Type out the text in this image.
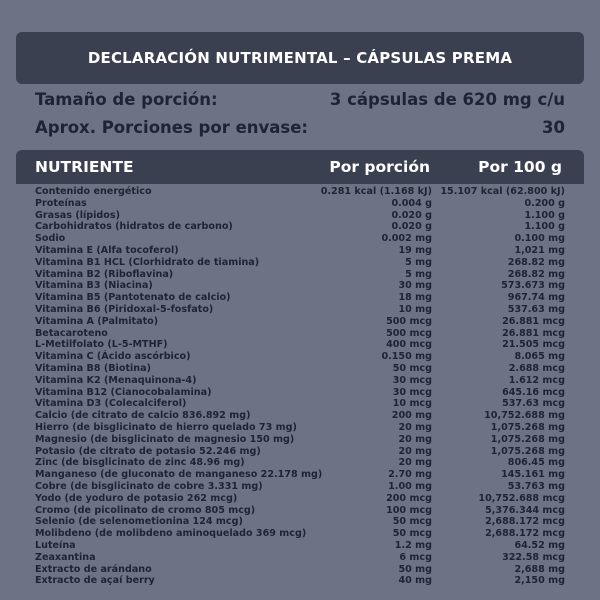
DECLARACIÓN NUTRIMENTAL – CÁPSULAS PREMA
Tamaño de porción:	3 cápsulas de 620 mg c/u
Aprox. Porciones por envase:	30
NUTRIENTE	Por porción	Por 100 g
Contenido energético	0.281 kcal (1.168 kJ) 15.107 kcal (62.800 kJ)
Proteínas	0.004 g	0.200 g
Grasas (lípidos)	0.020 g	1.100 g
Carbohidratos (hidratos de carbono)	0.020 g	1.100 g
Sodio	0.002 mg	0.100 mg
Vitamina E (Alfa tocoferol)	19 mg	1,021 mg
Vitamina B1 HCL (Clorhidrato de tiamina)	5 mg	268.82 mg
Vitamina B2 (Riboflavina)	5 mg	268.82 mg
Vitamina B3 (Niacina)	30 mg	573.673 mg
Vitamina B5 (Pantotenato de calcio)	18 mg	967.74 mg
Vitamina B6 (Piridoxal-5-fosfato)	10 mg	537.63 mg
Vitamina A (Palmitato)	500 mcg	26.881 mcg
Betacaroteno	500 mcg	26.881 mcg
L-Metilfolato (L-5-MTHF)	400 mcg	21.505 mcg
Vitamina C (Ácido ascórbico)	0.150 mg	8.065 mg
Vitamina B8 (Biotina)	50 mcg	2.688 mcg
Vitamina K2 (Menaquinona-4)	30 mcg	1.612 mcg
Vitamina B12 (Cianocobalamina)	30 mcg	645.16 mcg
Vitamina D3 (Colecalciferol)	10 mcg	537.63 mcg
Calcio (de citrato de calcio 836.892 mg)	200 mg	10,752.688 mg
Hierro (de bisglicinato de hierro quelado 73 mg)	20 mg	1,075.268 mg
Magnesio (de bisglicinato de magnesio 150 mg)	20 mg	1,075.268 mg
Potasio (de citrato de potasio 52.246 mg)	20 mg	1,075.268 mg
Zinc (de bisglicinato de zinc 48.96 mg)	20 mg	806.45 mg
Manganeso (de gluconato de manganeso 22.178 mg)	2.70 mg	145.161 mg
Cobre (de bisglicinato de cobre 3.331 mg)	1.00 mg	53.763 mg
Yodo (de yoduro de potasio 262 mcg)	200 mcg	10,752.688 mcg
Cromo (de picolinato de cromo 805 mcg)	100 mcg	5,376.344 mcg
Selenio (de selenometionina 124 mcg)	50 mcg	2,688.172 mcg
Molibdeno (de molibdeno aminoquelado 369 mcg)	50 mcg	2,688.172 mcg
Luteína	1.2 mg	64.52 mg
Zeaxantina	6 mcg	322.58 mcg
Extracto de arándano	50 mg	2,688 mg
Extracto de açaí berry	40 mg	2,150 mg
